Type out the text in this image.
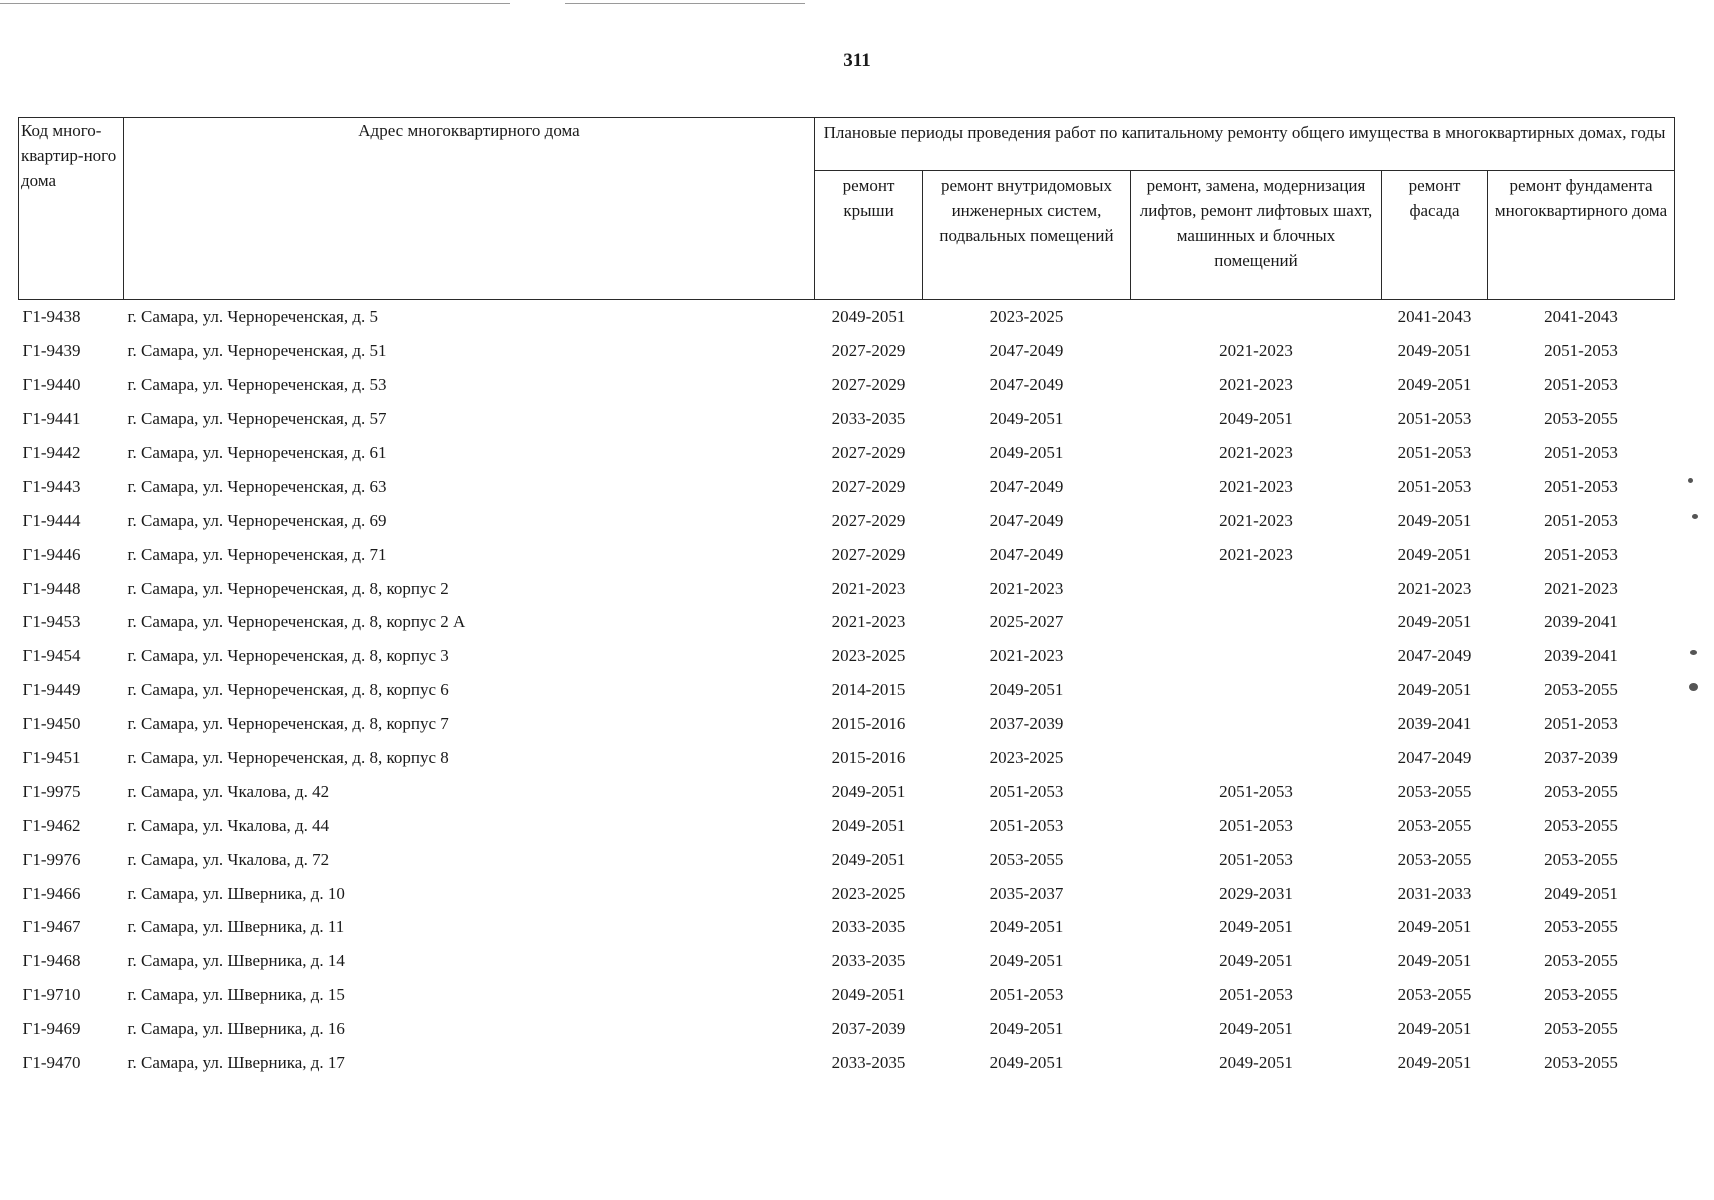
311
Код много-квартир-ного дома	Адрес многоквартирного дома	Плановые периоды проведения работ по капитальному ремонту общего имущества в многоквартирных домах, годы				
		ремонт крыши	ремонт внутридомовых инженерных систем, подвальных помещений	ремонт, замена, модернизация лифтов, ремонт лифтовых шахт, машинных и блочных помещений	ремонт фасада	ремонт фундамента многоквартирного дома
Г1-9438	г. Самара, ул. Чернореченская, д. 5	2049-2051	2023-2025		2041-2043	2041-2043
Г1-9439	г. Самара, ул. Чернореченская, д. 51	2027-2029	2047-2049	2021-2023	2049-2051	2051-2053
Г1-9440	г. Самара, ул. Чернореченская, д. 53	2027-2029	2047-2049	2021-2023	2049-2051	2051-2053
Г1-9441	г. Самара, ул. Чернореченская, д. 57	2033-2035	2049-2051	2049-2051	2051-2053	2053-2055
Г1-9442	г. Самара, ул. Чернореченская, д. 61	2027-2029	2049-2051	2021-2023	2051-2053	2051-2053
Г1-9443	г. Самара, ул. Чернореченская, д. 63	2027-2029	2047-2049	2021-2023	2051-2053	2051-2053
Г1-9444	г. Самара, ул. Чернореченская, д. 69	2027-2029	2047-2049	2021-2023	2049-2051	2051-2053
Г1-9446	г. Самара, ул. Чернореченская, д. 71	2027-2029	2047-2049	2021-2023	2049-2051	2051-2053
Г1-9448	г. Самара, ул. Чернореченская, д. 8, корпус 2	2021-2023	2021-2023		2021-2023	2021-2023
Г1-9453	г. Самара, ул. Чернореченская, д. 8, корпус 2 А	2021-2023	2025-2027		2049-2051	2039-2041
Г1-9454	г. Самара, ул. Чернореченская, д. 8, корпус 3	2023-2025	2021-2023		2047-2049	2039-2041
Г1-9449	г. Самара, ул. Чернореченская, д. 8, корпус 6	2014-2015	2049-2051		2049-2051	2053-2055
Г1-9450	г. Самара, ул. Чернореченская, д. 8, корпус 7	2015-2016	2037-2039		2039-2041	2051-2053
Г1-9451	г. Самара, ул. Чернореченская, д. 8, корпус 8	2015-2016	2023-2025		2047-2049	2037-2039
Г1-9975	г. Самара, ул. Чкалова, д. 42	2049-2051	2051-2053	2051-2053	2053-2055	2053-2055
Г1-9462	г. Самара, ул. Чкалова, д. 44	2049-2051	2051-2053	2051-2053	2053-2055	2053-2055
Г1-9976	г. Самара, ул. Чкалова, д. 72	2049-2051	2053-2055	2051-2053	2053-2055	2053-2055
Г1-9466	г. Самара, ул. Шверника, д. 10	2023-2025	2035-2037	2029-2031	2031-2033	2049-2051
Г1-9467	г. Самара, ул. Шверника, д. 11	2033-2035	2049-2051	2049-2051	2049-2051	2053-2055
Г1-9468	г. Самара, ул. Шверника, д. 14	2033-2035	2049-2051	2049-2051	2049-2051	2053-2055
Г1-9710	г. Самара, ул. Шверника, д. 15	2049-2051	2051-2053	2051-2053	2053-2055	2053-2055
Г1-9469	г. Самара, ул. Шверника, д. 16	2037-2039	2049-2051	2049-2051	2049-2051	2053-2055
Г1-9470	г. Самара, ул. Шверника, д. 17	2033-2035	2049-2051	2049-2051	2049-2051	2053-2055
